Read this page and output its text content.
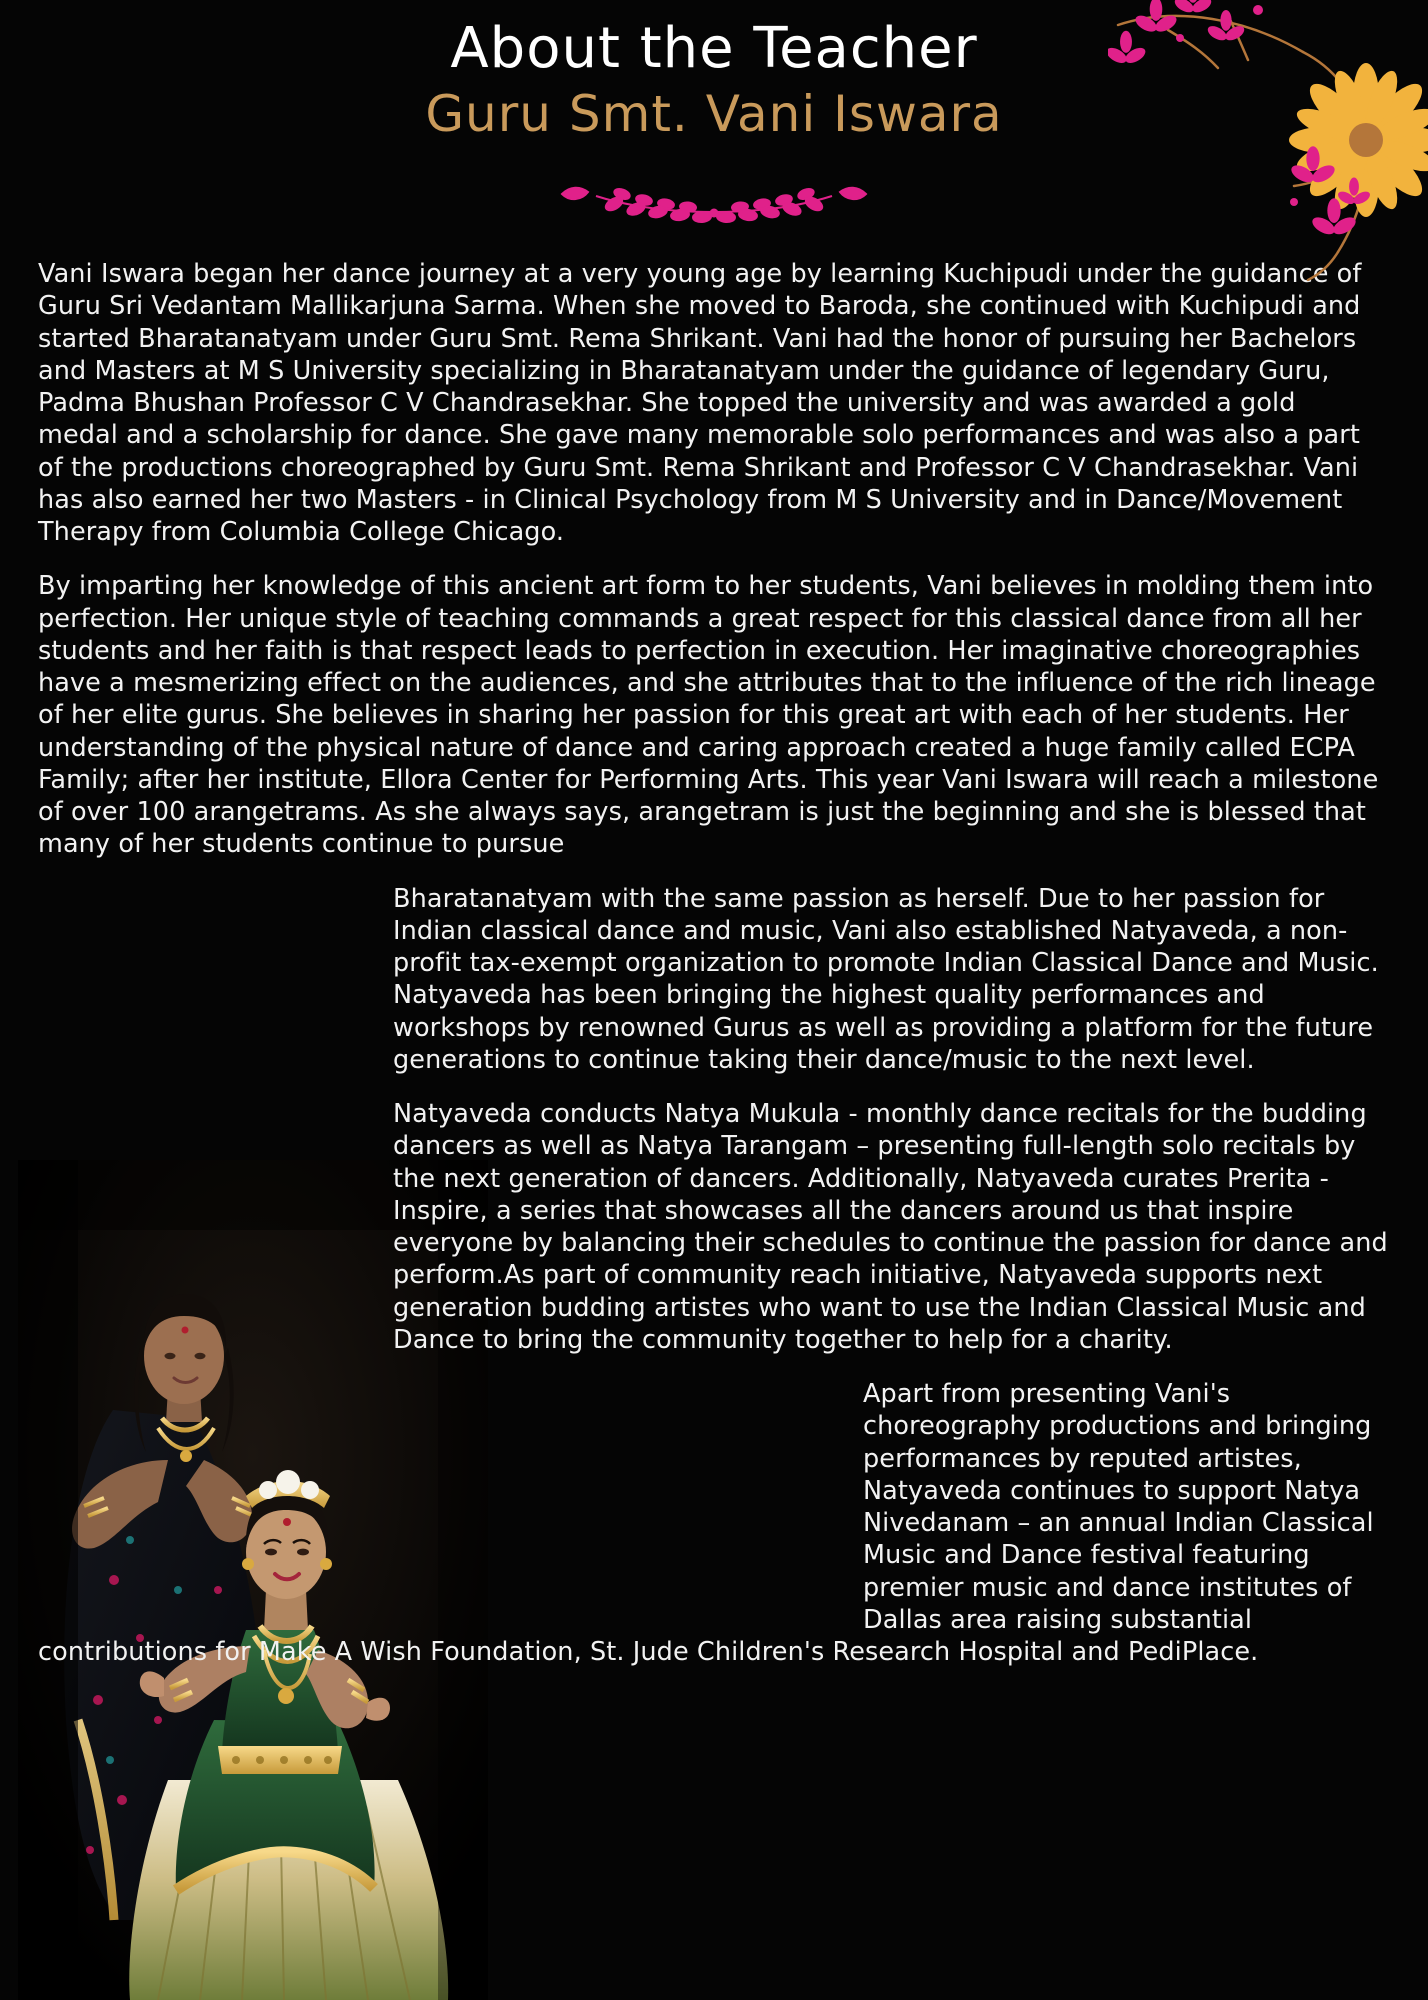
About the Teacher
Guru Smt. Vani Iswara

Vani Iswara began her dance journey at a very young age by learning Kuchipudi under the guidance of Guru Sri Vedantam Mallikarjuna Sarma. When she moved to Baroda, she continued with Kuchipudi and started Bharatanatyam under Guru Smt. Rema Shrikant. Vani had the honor of pursuing her Bachelors and Masters at M S University specializing in Bharatanatyam under the guidance of legendary Guru, Padma Bhushan Professor C V Chandrasekhar. She topped the university and was awarded a gold medal and a scholarship for dance. She gave many memorable solo performances and was also a part of the productions choreographed by Guru Smt. Rema Shrikant and Professor C V Chandrasekhar. Vani has also earned her two Masters - in Clinical Psychology from M S University and in Dance/Movement Therapy from Columbia College Chicago.

By imparting her knowledge of this ancient art form to her students, Vani believes in molding them into perfection. Her unique style of teaching commands a great respect for this classical dance from all her students and her faith is that respect leads to perfection in execution. Her imaginative choreographies have a mesmerizing effect on the audiences, and she attributes that to the influence of the rich lineage of her elite gurus. She believes in sharing her passion for this great art with each of her students. Her understanding of the physical nature of dance and caring approach created a huge family called ECPA Family; after her institute, Ellora Center for Performing Arts. This year Vani Iswara will reach a milestone of over 100 arangetrams. As she always says, arangetram is just the beginning and she is blessed that many of her students continue to pursue

Bharatanatyam with the same passion as herself. Due to her passion for Indian classical dance and music, Vani also established Natyaveda, a non-profit tax-exempt organization to promote Indian Classical Dance and Music. Natyaveda has been bringing the highest quality performances and workshops by renowned Gurus as well as providing a platform for the future generations to continue taking their dance/music to the next level.

Natyaveda conducts Natya Mukula - monthly dance recitals for the budding dancers as well as Natya Tarangam – presenting full-length solo recitals by the next generation of dancers. Additionally, Natyaveda curates Prerita - Inspire, a series that showcases all the dancers around us that inspire everyone by balancing their schedules to continue the passion for dance and perform.As part of community reach initiative, Natyaveda supports next generation budding artistes who want to use the Indian Classical Music and Dance to bring the community together to help for a charity.

Apart from presenting Vani's choreography productions and bringing performances by reputed artistes, Natyaveda continues to support Natya Nivedanam – an annual Indian Classical Music and Dance festival featuring premier music and dance institutes of Dallas area raising substantial contributions for Make A Wish Foundation, St. Jude Children's Research Hospital and PediPlace.
